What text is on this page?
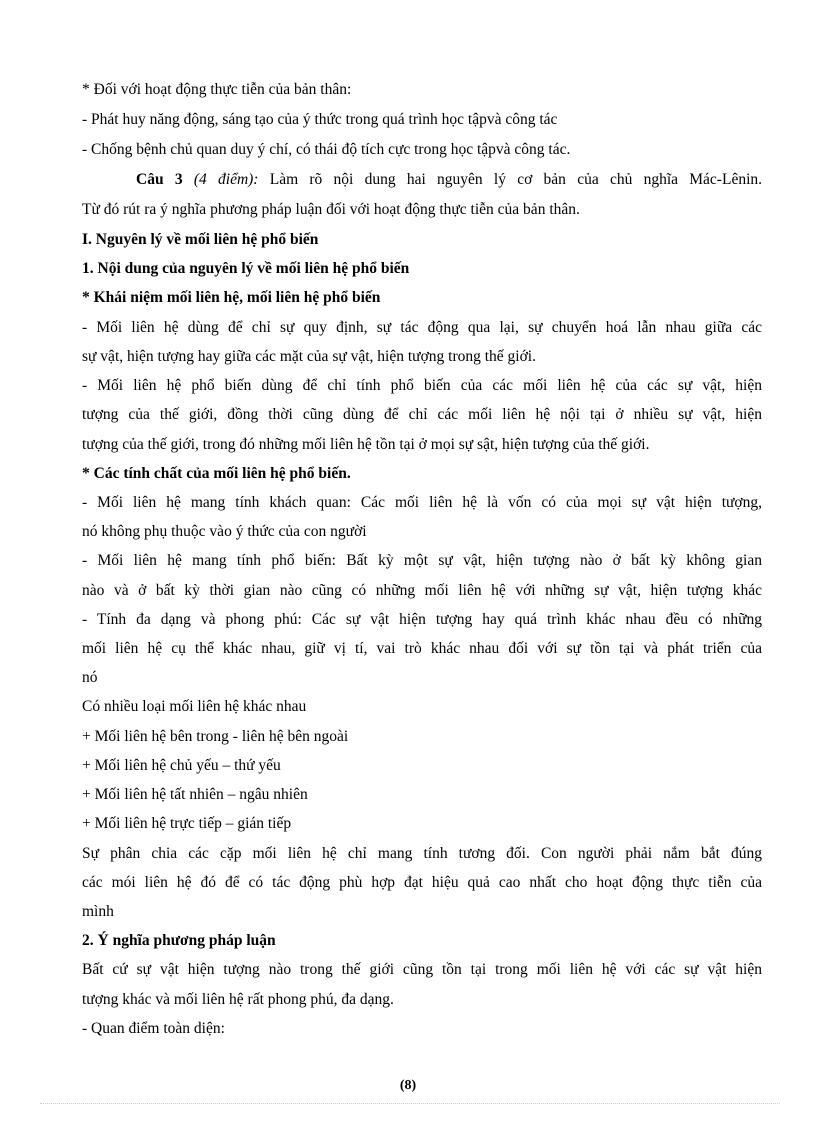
* Đối với hoạt động thực tiễn của bản thân:
- Phát huy năng động, sáng tạo của ý thức trong quá trình học tậpvà công tác
- Chống bệnh chủ quan duy ý chí, có thái độ tích cực trong học tậpvà công tác.
Câu 3 (4 điểm): Làm rõ nội dung hai nguyên lý cơ bản của chủ nghĩa Mác-Lênin.
Từ đó rút ra ý nghĩa phương pháp luận đối với hoạt động thực tiễn của bản thân.
I. Nguyên lý về mối liên hệ phổ biến
1. Nội dung của nguyên lý về mối liên hệ phổ biến
* Khái niệm mối liên hệ, mối liên hệ phổ biến
- Mối liên hệ dùng để chỉ sự quy định, sự tác động qua lại, sự chuyển hoá lẫn nhau giữa các
sự vật, hiện tượng hay giữa các mặt của sự vật, hiện tượng trong thế giới.
- Mối liên hệ phổ biến dùng để chỉ tính phổ biến của các mối liên hệ của các sự vật, hiện
tượng của thế giới, đồng thời cũng dùng để chỉ các mối liên hệ nội tại ở nhiều sự vật, hiện
tượng của thế giới, trong đó những mối liên hệ tồn tại ở mọi sự sật, hiện tượng của thế giới.
* Các tính chất của mối liên hệ phổ biến.
- Mối liên hệ mang tính khách quan: Các mối liên hệ là vốn có của mọi sự vật hiện tượng,
nó không phụ thuộc vào ý thức của con người
- Mối liên hệ mang tính phổ biến: Bất kỳ một sự vật, hiện tượng nào ở bất kỳ không gian
nào và ở bất kỳ thời gian nào cũng có những mối liên hệ với những sự vật, hiện tượng khác
- Tính đa dạng và phong phú: Các sự vật hiện tượng hay quá trình khác nhau đều có những
mối liên hệ cụ thể khác nhau, giữ vị tí, vai trò khác nhau đối với sự tồn tại và phát triển của
nó
Có nhiều loại mối liên hệ khác nhau
+ Mối liên hệ bên trong - liên hệ bên ngoài
+ Mối liên hệ chủ yếu – thứ yếu
+ Mối liên hệ tất nhiên – ngâu nhiên
+ Mối liên hệ trực tiếp – gián tiếp
Sự phân chia các cặp mối liên hệ chỉ mang tính tương đối. Con người phải nắm bắt đúng
các mói liên hệ đó để có tác động phù hợp đạt hiệu quả cao nhất cho hoạt động thực tiễn của
mình
2. Ý nghĩa phương pháp luận
Bất cứ sự vật hiện tượng nào trong thế giới cũng tồn tại trong mối liên hệ với các sự vật hiện
tượng khác và mối liên hệ rất phong phú, đa dạng.
- Quan điểm toàn diện:
(8)
